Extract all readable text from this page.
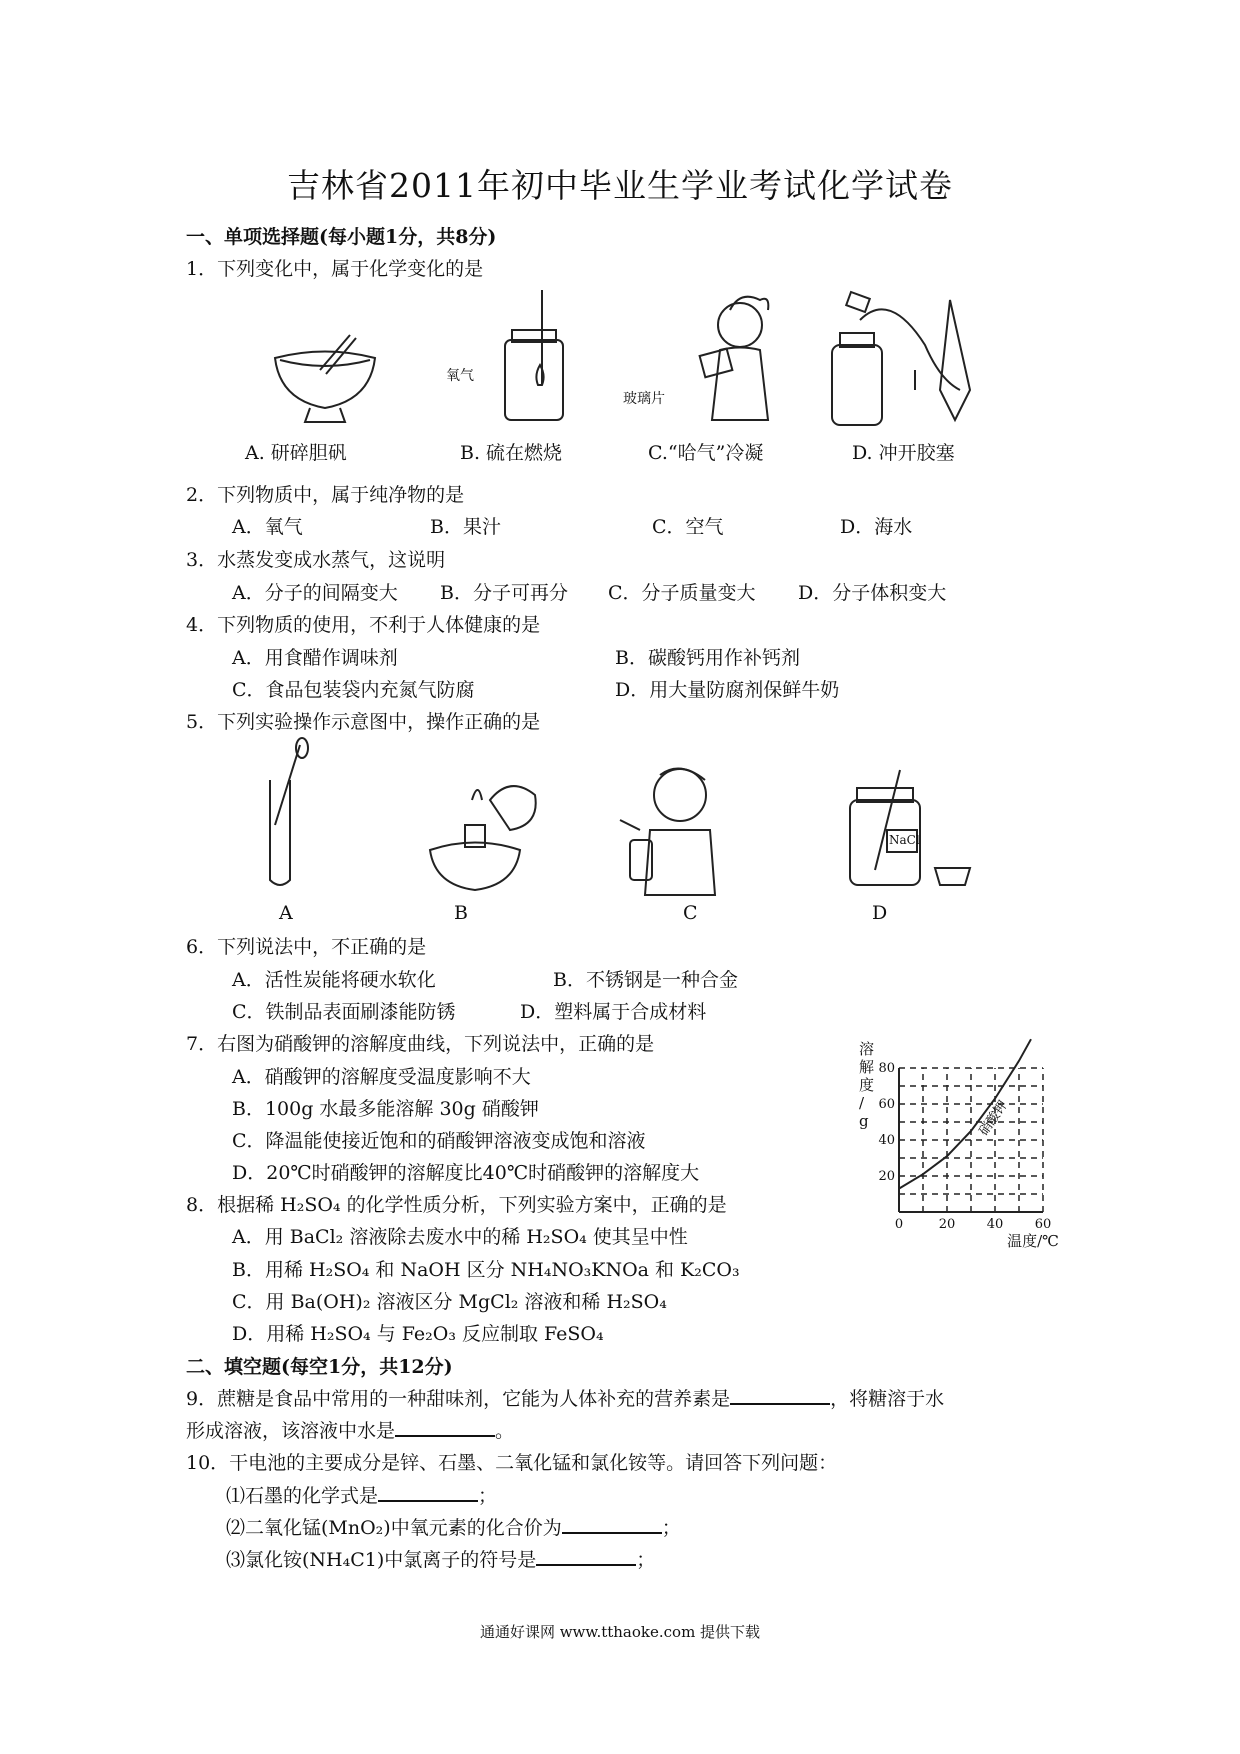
吉林省2011年初中毕业生学业考试化学试卷
一、单项选择题(每小题1分，共8分)
1．下列变化中，属于化学变化的是
氧气
玻璃片
A. 研碎胆矾	B. 硫在燃烧	C.“哈气”冷凝	D. 冲开胶塞
2．下列物质中，属于纯净物的是
A．氧气	B．果汁	C．空气	D．海水
3．水蒸发变成水蒸气，这说明
A．分子的间隔变大 B．分子可再分 C．分子质量变大 D．分子体积变大
4．下列物质的使用，不利于人体健康的是
A．用食醋作调味剂	B．碳酸钙用作补钙剂
C．食品包装袋内充氮气防腐	D．用大量防腐剂保鲜牛奶
5．下列实验操作示意图中，操作正确的是
NaCl
A	B	C	D
6．下列说法中，不正确的是
A．活性炭能将硬水软化	B．不锈钢是一种合金
C．铁制品表面刷漆能防锈	D．塑料属于合成材料
7．右图为硝酸钾的溶解度曲线，下列说法中，正确的是
A．硝酸钾的溶解度受温度影响不大
B．100g 水最多能溶解 30g 硝酸钾
C．降温能使接近饱和的硝酸钾溶液变成饱和溶液
D．20℃时硝酸钾的溶解度比40℃时硝酸钾的溶解度大
0	20 40 60
20
40
60
80
溶
解
度
/
g
温度/℃
硝酸钾
8．根据稀 H₂SO₄ 的化学性质分析，下列实验方案中，正确的是
A．用 BaCl₂ 溶液除去废水中的稀 H₂SO₄ 使其呈中性
B．用稀 H₂SO₄ 和 NaOH 区分 NH₄NO₃KNOa 和 K₂CO₃
C．用 Ba(OH)₂ 溶液区分 MgCl₂ 溶液和稀 H₂SO₄
D．用稀 H₂SO₄ 与 Fe₂O₃ 反应制取 FeSO₄
二、填空题(每空1分，共12分)
9．蔗糖是食品中常用的一种甜味剂，它能为人体补充的营养素是	，将糖溶于水
形成溶液，该溶液中水是	。
10．干电池的主要成分是锌、石墨、二氧化锰和氯化铵等。请回答下列问题：
⑴石墨的化学式是	；
⑵二氧化锰(MnO₂)中氧元素的化合价为	；
⑶氯化铵(NH₄C1)中氯离子的符号是	；
通通好课网 www.tthaoke.com 提供下载
